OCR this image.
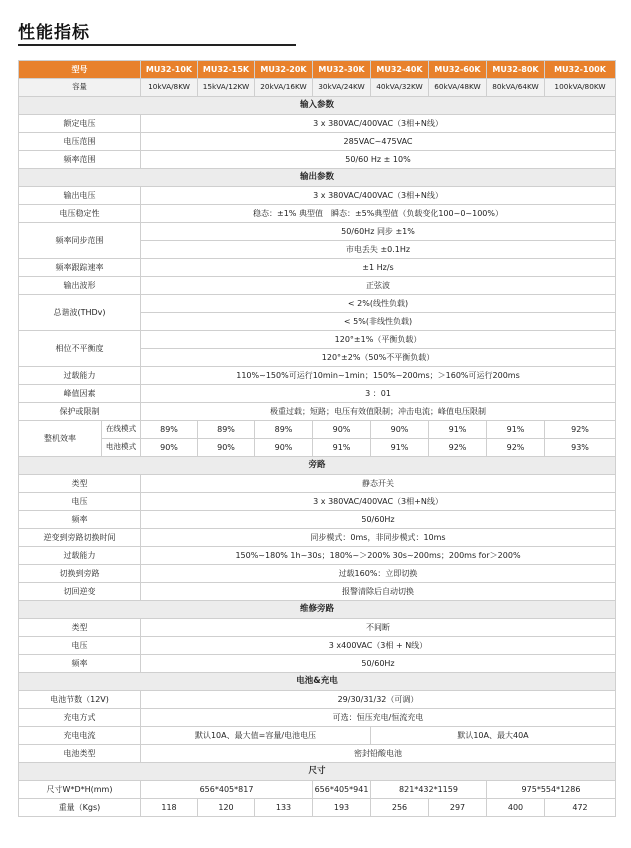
性能指标
型号		MU32-10K	MU32-15K	MU32-20K	MU32-30K	MU32-40K	MU32-60K	MU32-80K	MU32-100K
容量		10kVA/8KW	15kVA/12KW	20kVA/16KW	30kVA/24KW	40kVA/32KW	60kVA/48KW	80kVA/64KW	100kVA/80KW
输入参数									
额定电压		3 x 380VAC/400VAC（3相+N线）							
电压范围		285VAC~475VAC							
频率范围		50/60 Hz ± 10%							
输出参数									
输出电压		3 x 380VAC/400VAC（3相+N线）							
电压稳定性		稳态：±1% 典型值　瞬态：±5%典型值（负载变化100~0~100%）							
频率同步范围		50/60Hz 同步 ±1%							
		市电丢失 ±0.1Hz							
频率跟踪速率		±1 Hz/s							
输出波形		正弦波							
总谐波(THDv)		< 2%(线性负载)							
		< 5%(非线性负载)							
相位不平衡度		120°±1%（平衡负载）							
		120°±2%（50%不平衡负载）							
过载能力		110%~150%可运行10min~1min；150%~200ms；＞160%可运行200ms							
峰值因素		3 ：01							
保护或限制		极重过载；短路；电压有效值限制；冲击电流；峰值电压限制							
整机效率	在线模式	89%	89%	89%	90%	90%	91%	91%	92%
	电池模式	90%	90%	90%	91%	91%	92%	92%	93%
旁路									
类型		静态开关							
电压		3 x 380VAC/400VAC（3相+N线）							
频率		50/60Hz							
逆变到旁路切换时间		同步模式：0ms，非同步模式：10ms							
过载能力		150%~180% 1h~30s；180%~＞200% 30s~200ms；200ms for＞200%							
切换到旁路		过载160%：立即切换							
切回逆变		报警清除后自动切换							
维修旁路									
类型		不间断							
电压		3 x400VAC（3相 + N线）							
频率		50/60Hz							
电池&充电									
电池节数（12V)		29/30/31/32（可调）							
充电方式		可选：恒压充电/恒流充电							
充电电流		默认10A、最大值=容量/电池电压				默认10A、最大40A			
电池类型		密封铅酸电池							
尺寸									
尺寸W*D*H(mm)		656*405*817			656*405*941	821*432*1159		975*554*1286	
重量（Kgs)		118	120	133	193	256	297	400	472
